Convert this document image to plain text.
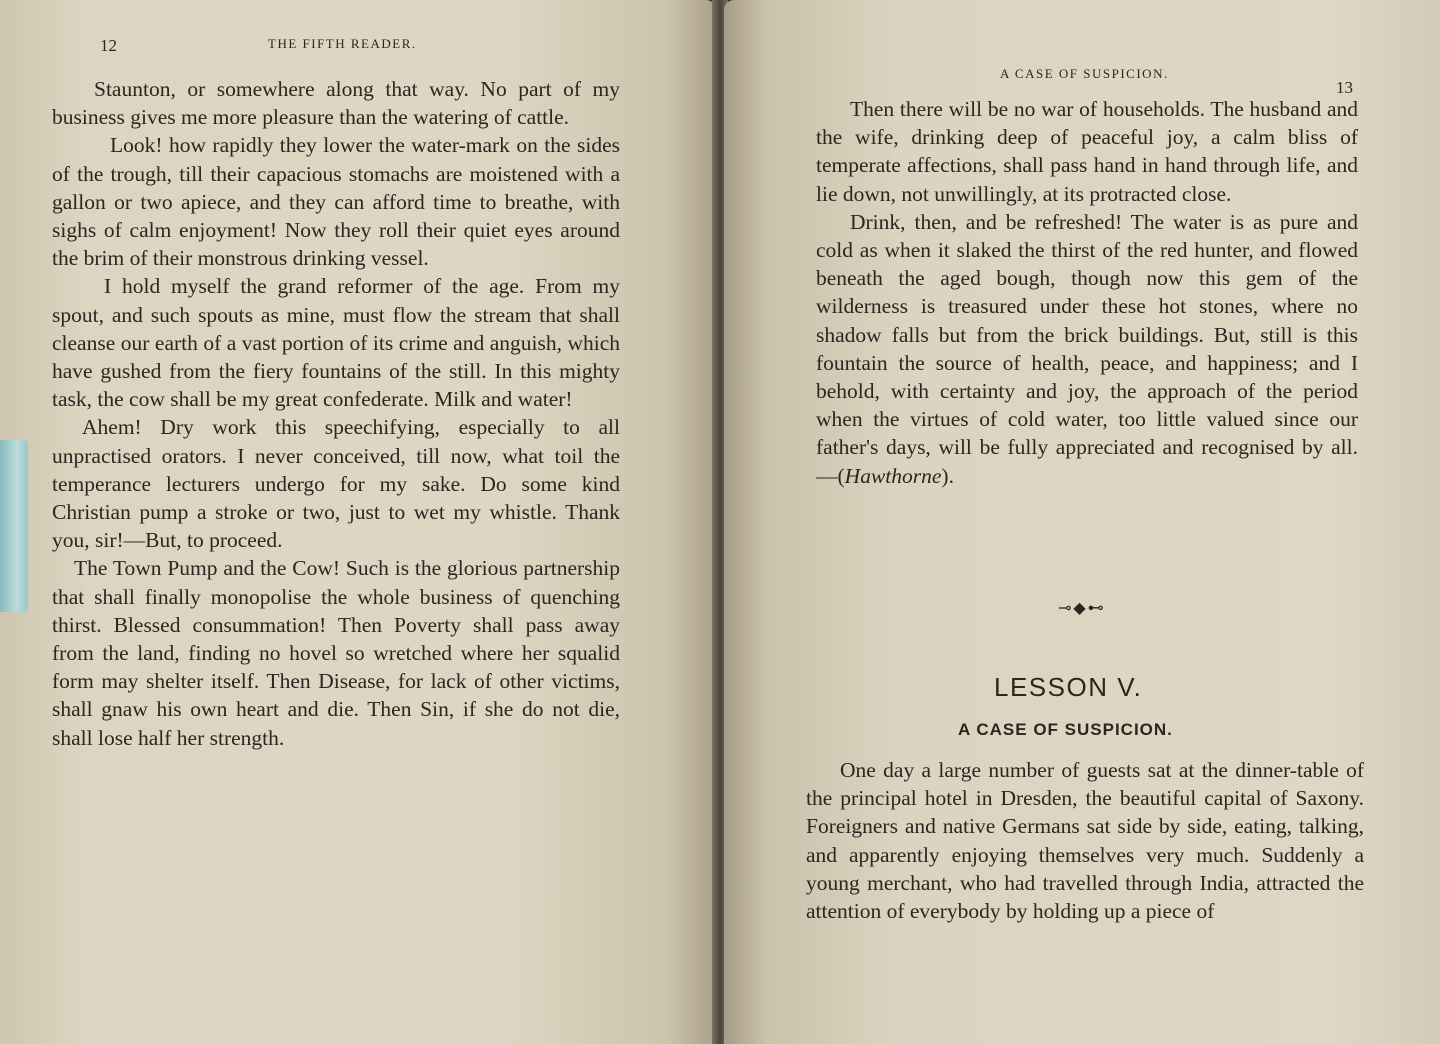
12	THE FIFTH READER.

Staunton, or somewhere along that way. No part of my business gives me more pleasure than the watering of cattle.

Look! how rapidly they lower the water-mark on the sides of the trough, till their capacious stomachs are moistened with a gallon or two apiece, and they can afford time to breathe, with sighs of calm enjoyment! Now they roll their quiet eyes around the brim of their monstrous drinking vessel.

I hold myself the grand reformer of the age. From my spout, and such spouts as mine, must flow the stream that shall cleanse our earth of a vast portion of its crime and anguish, which have gushed from the fiery fountains of the still. In this mighty task, the cow shall be my great confederate. Milk and water!

Ahem! Dry work this speechifying, especially to all unpractised orators. I never conceived, till now, what toil the temperance lecturers undergo for my sake. Do some kind Christian pump a stroke or two, just to wet my whistle. Thank you, sir!—But, to proceed.

The Town Pump and the Cow! Such is the glorious partnership that shall finally monopolise the whole business of quenching thirst. Blessed consummation! Then Poverty shall pass away from the land, finding no hovel so wretched where her squalid form may shelter itself. Then Disease, for lack of other victims, shall gnaw his own heart and die. Then Sin, if she do not die, shall lose half her strength.

A CASE OF SUSPICION.
13

Then there will be no war of households. The husband and the wife, drinking deep of peaceful joy, a calm bliss of temperate affections, shall pass hand in hand through life, and lie down, not unwillingly, at its protracted close.

Drink, then, and be refreshed! The water is as pure and cold as when it slaked the thirst of the red hunter, and flowed beneath the aged bough, though now this gem of the wilderness is treasured under these hot stones, where no shadow falls but from the brick buildings. But, still is this fountain the source of health, peace, and happiness; and I behold, with certainty and joy, the approach of the period when the virtues of cold water, too little valued since our father's days, will be fully appreciated and recognised by all.—(Hawthorne).

⊸◆⊷
LESSON V.
A CASE OF SUSPICION.

One day a large number of guests sat at the dinner-table of the principal hotel in Dresden, the beautiful capital of Saxony. Foreigners and native Germans sat side by side, eating, talking, and apparently enjoying themselves very much. Suddenly a young merchant, who had travelled through India, attracted the attention of everybody by holding up a piece of
